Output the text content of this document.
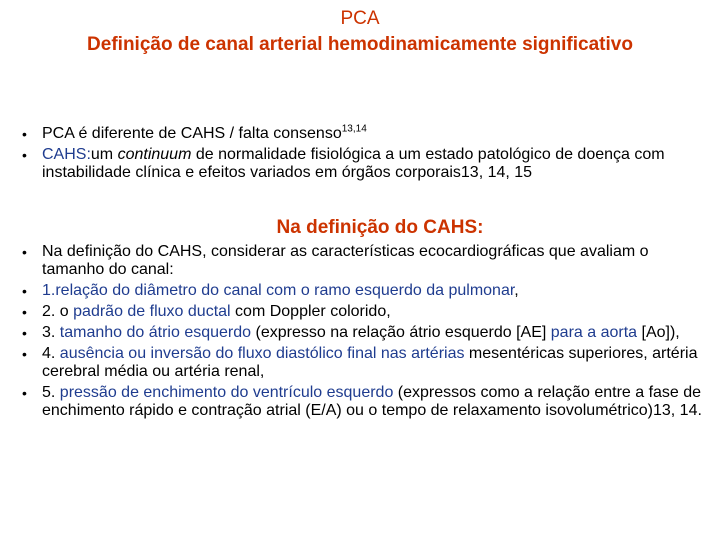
PCA
Definição de canal arterial hemodinamicamente significativo
• PCA é diferente de CAHS / falta consenso$^{13,14}$
• CAHS:um continuum de normalidade fisiológica a um estado patológico de doença com instabilidade clínica e efeitos variados em órgãos corporais13, 14, 15
Na definição do CAHS:
• Na definição do CAHS, considerar as características ecocardiográficas que avaliam o tamanho do canal:
• 1.relação do diâmetro do canal com o ramo esquerdo da pulmonar,
• 2. o padrão de fluxo ductal com Doppler colorido,
• 3. tamanho do átrio esquerdo (expresso na relação átrio esquerdo [AE] para a aorta [Ao]),
• 4. ausência ou inversão do fluxo diastólico final nas artérias mesentéricas superiores, artéria cerebral média ou artéria renal,
• 5. pressão de enchimento do ventrículo esquerdo (expressos como a relação entre a fase de enchimento rápido e contração atrial (E/A) ou o tempo de relaxamento isovolumétrico)13, 14.
